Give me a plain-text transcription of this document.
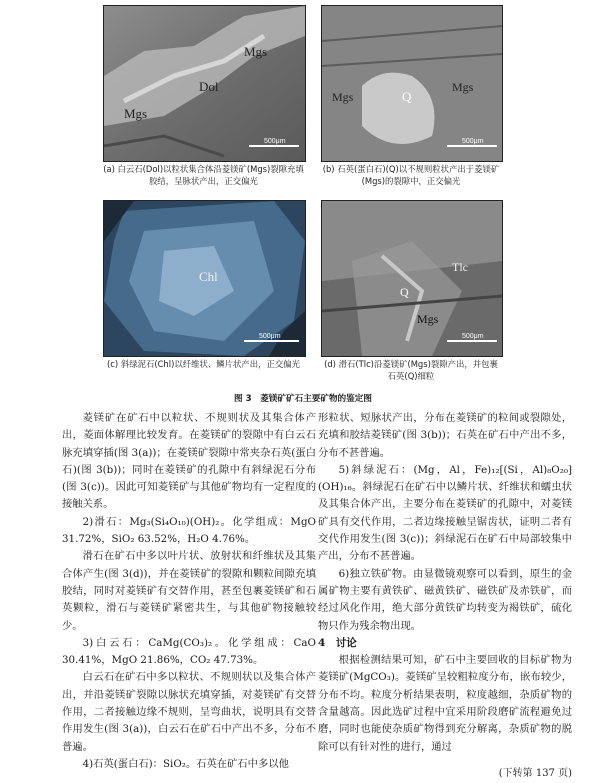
Mgs
Dol
Mgs
500μm
(a) 白云石(Dol)以粒状集合体沿菱镁矿(Mgs)裂隙充填胶结，呈脉状产出，正交偏光
Mgs	Q
Mgs
500μm
(b) 石英(蛋白石)(Q)以不规则粒状产出于菱镁矿(Mgs)的裂隙中，正交偏光
Chl
500μm
(c) 斜绿泥石(Chl)以纤维状、鳞片状产出，正交偏光
Tlc
Q
Mgs
500μm
(d) 滑石(Tlc)沿菱镁矿(Mgs)裂隙产出，并包裹石英(Q)细粒
图 3　菱镁矿矿石主要矿物的鉴定图

菱镁矿在矿石中以粒状、不规则状及其集合体产出，菱面体解理比较发育。在菱镁矿的裂隙中有白云石脉充填穿插(图 3(a))；在菱镁矿裂隙中常夹杂石英(蛋白石)(图 3(b))；同时在菱镁矿的孔隙中有斜绿泥石分布(图 3(c))。因此可知菱镁矿与其他矿物均有一定程度的接触关系。

2)滑石：Mg₃(Si₄O₁₀)(OH)₂。化学组成：MgO 31.72%，SiO₂ 63.52%，H₂O 4.76%。

滑石在矿石中多以叶片状、放射状和纤维状及其集合体产生(图 3(d))，并在菱镁矿的裂隙和颗粒间隙充填胶结，同时对菱镁矿有交替作用，甚至包裹菱镁矿和石英颗粒，滑石与菱镁矿紧密共生，与其他矿物接触较少。

3)白云石：CaMg(CO₃)₂。化学组成：CaO 30.41%，MgO 21.86%，CO₂ 47.73%。

白云石在矿石中多以粒状、不规则状以及集合体产出，并沿菱镁矿裂隙以脉状充填穿插，对菱镁矿有交替作用，二者接触边缘不规则，呈弯曲状，说明具有交替作用发生(图 3(a))，白云石在矿石中产出不多，分布不普遍。

4)石英(蛋白石)：SiO₂。石英在矿石中多以他

形粒状、短脉状产出，分布在菱镁矿的粒间或裂隙处，充填和胶结菱镁矿(图 3(b))；石英在矿石中产出不多，分布不甚普遍。

5)斜绿泥石：(Mg，Al，Fe)₁₂[(Si，Al)₈O₂₀](OH)₁₆。斜绿泥石在矿石中以鳞片状、纤维状和蠕虫状及其集合体产出，主要分布在菱镁矿的孔隙中，对菱镁矿具有交代作用，二者边缘接触呈锯齿状，证明二者有交代作用发生(图 3(c))；斜绿泥石在矿石中局部较集中产出，分布不甚普遍。

6)独立铁矿物。由显微镜观察可以看到，原生的金属矿物主要有黄铁矿、磁黄铁矿、磁铁矿及赤铁矿，而经过风化作用，绝大部分黄铁矿均转变为褐铁矿，硫化物只作为残余物出现。

4　讨论

根据检测结果可知，矿石中主要回收的目标矿物为菱镁矿(MgCO₃)。菱镁矿呈较粗粒度分布，嵌布较少，分布不均。粒度分析结果表明，粒度越细，杂质矿物的含量越高。因此选矿过程中宜采用阶段磨矿流程避免过磨，同时也能使杂质矿物得到充分解离，杂质矿物的脱除可以有针对性的进行，通过

(下转第 137 页)
